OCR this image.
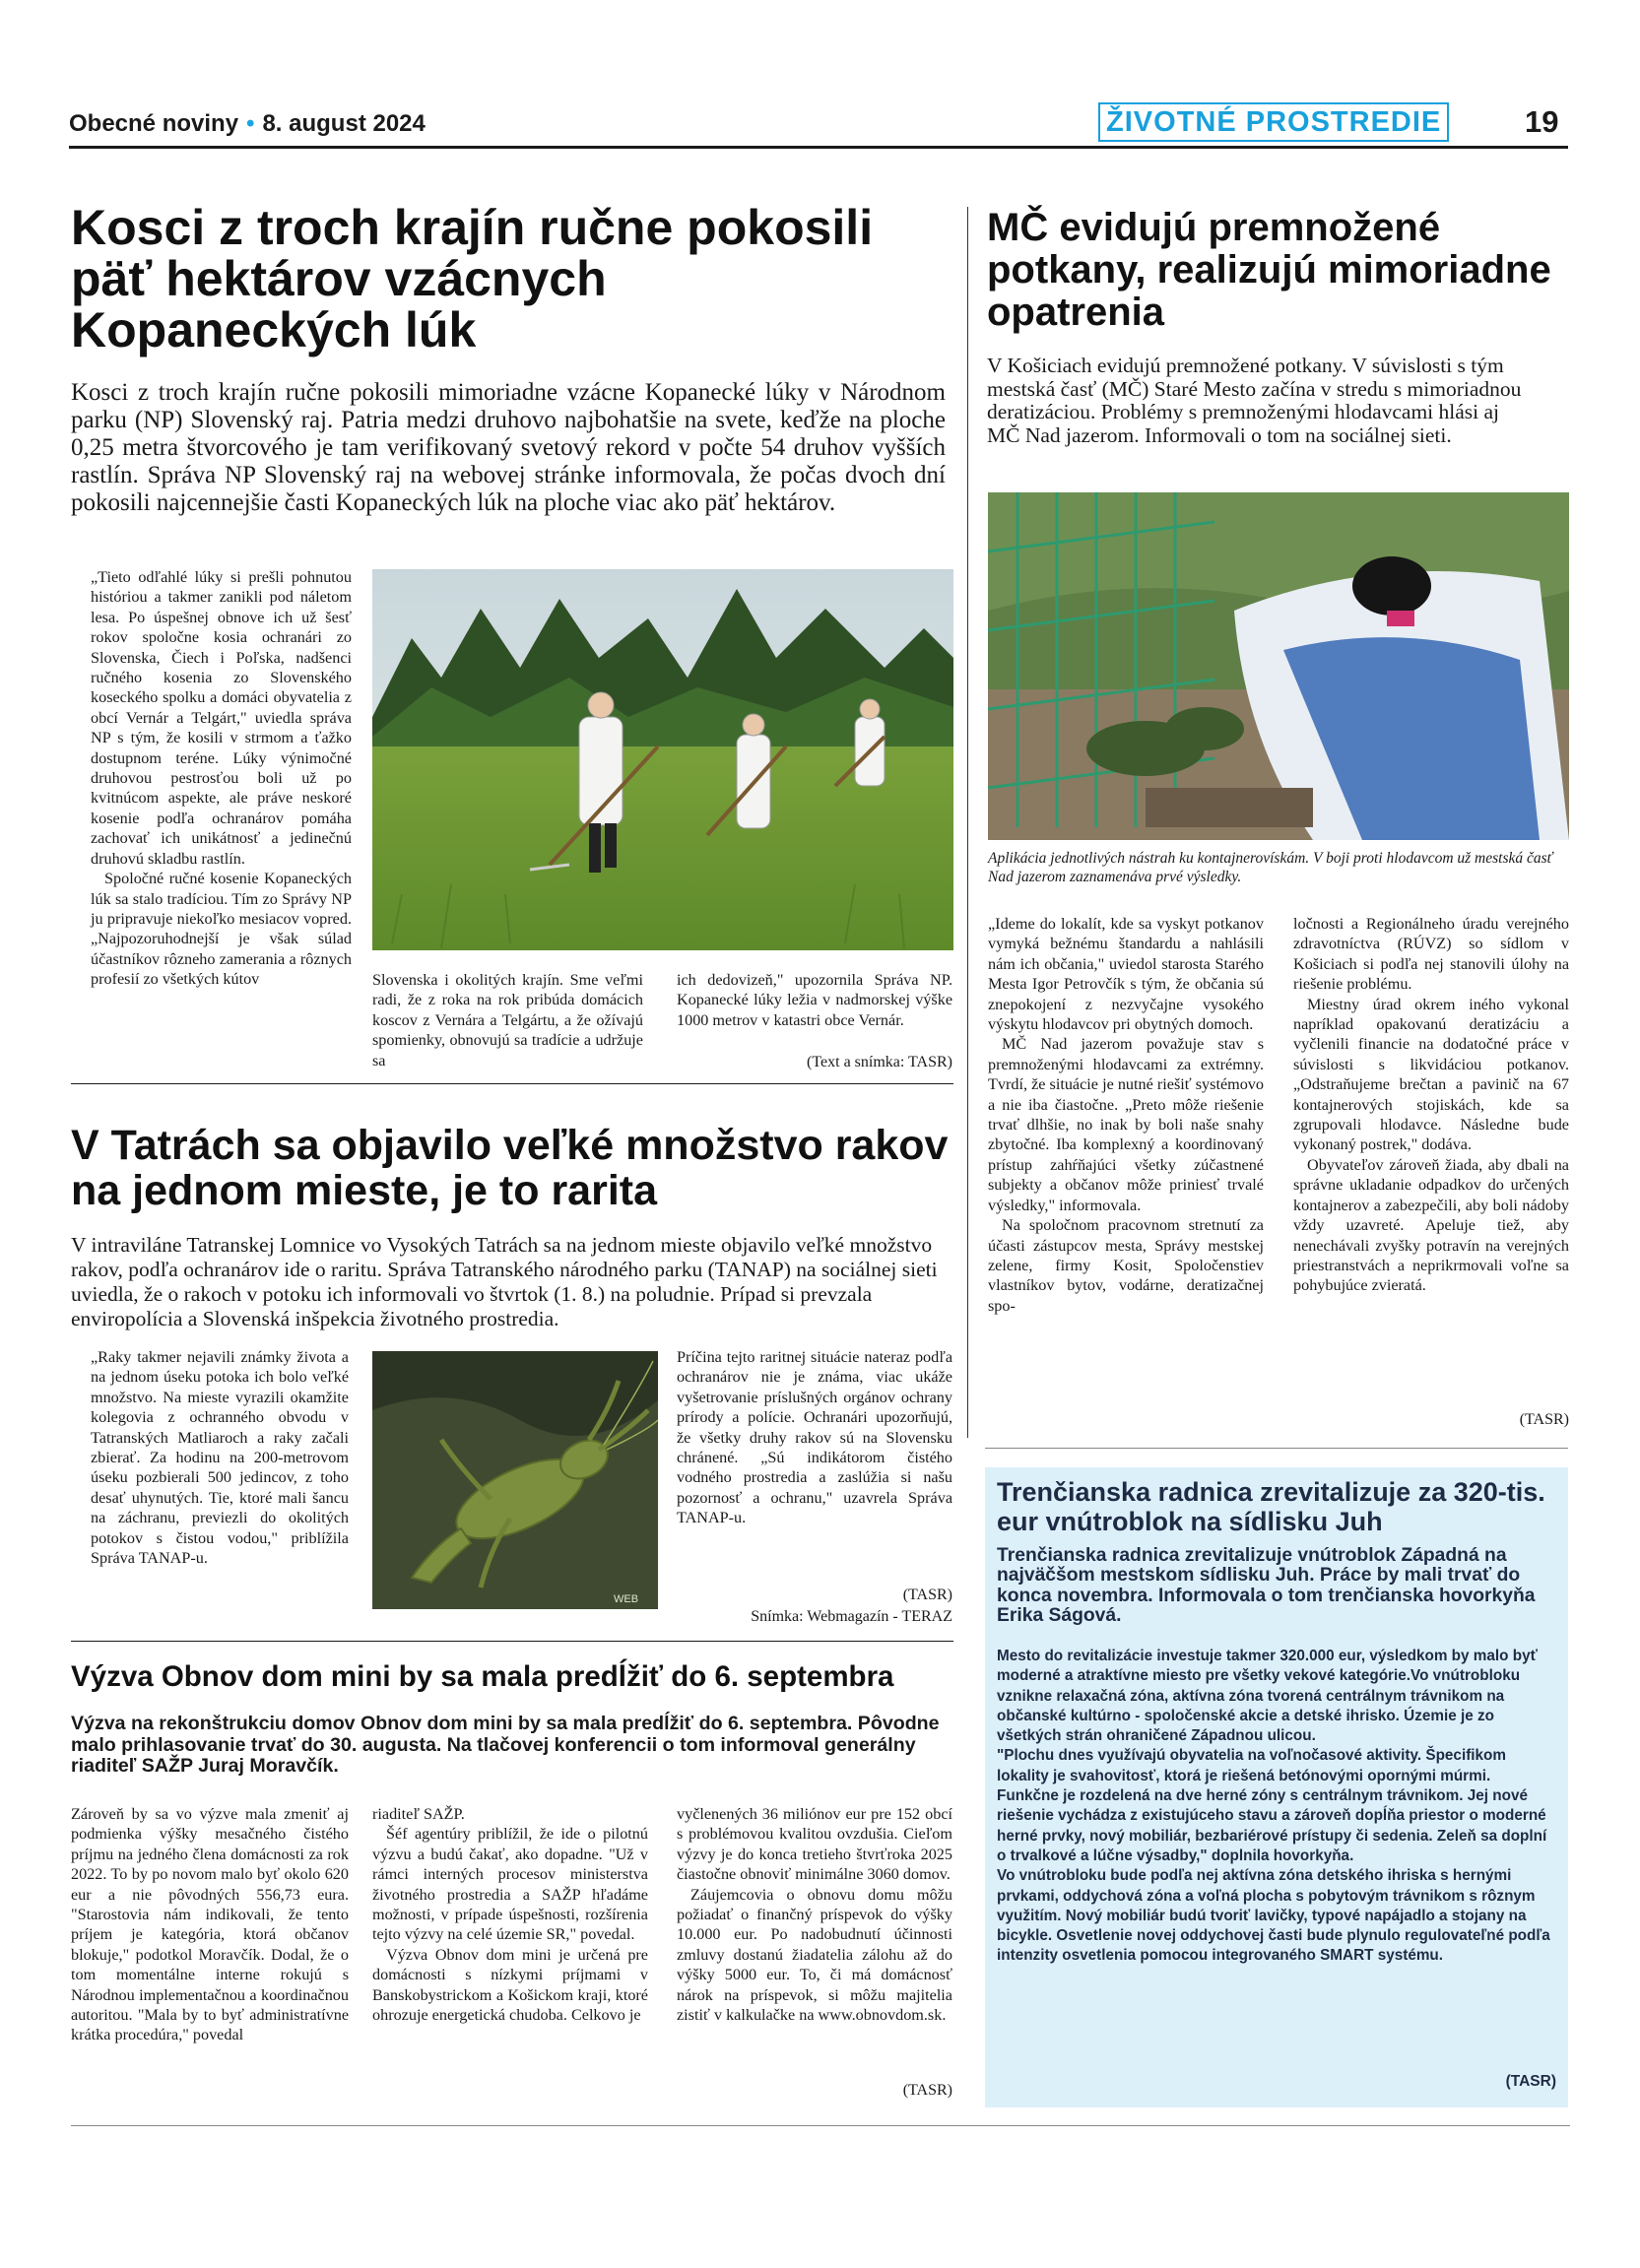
Obecné noviny • 8. august 2024	ŽIVOTNÉ PROSTREDIE	19
Kosci z troch krajín ručne pokosili päť hektárov vzácnych Kopaneckých lúk
Kosci z troch krajín ručne pokosili mimoriadne vzácne Kopanecké lúky v Národnom parku (NP) Slovenský raj. Patria medzi druhovo najbohatšie na svete, keďže na ploche 0,25 metra štvorcového je tam verifikovaný svetový rekord v počte 54 druhov vyšších rastlín. Správa NP Slovenský raj na webovej stránke informovala, že počas dvoch dní pokosili najcennejšie časti Kopaneckých lúk na ploche viac ako päť hektárov.

„Tieto odľahlé lúky si prešli pohnutou históriou a takmer zanikli pod náletom lesa. Po úspešnej obnove ich už šesť rokov spoločne kosia ochranári zo Slovenska, Čiech i Poľska, nadšenci ručného kosenia zo Slovenského koseckého spolku a domáci obyvatelia z obcí Vernár a Telgárt," uviedla správa NP s tým, že kosili v strmom a ťažko dostupnom teréne. Lúky výnimočné druhovou pestrosťou boli už po kvitnúcom aspekte, ale práve neskoré kosenie podľa ochranárov pomáha zachovať ich unikátnosť a jedinečnú druhovú skladbu rastlín.

Spoločné ručné kosenie Kopaneckých lúk sa stalo tradíciou. Tím zo Správy NP ju pripravuje niekoľko mesiacov vopred. „Najpozoruhodnejší je však súlad účastníkov rôzneho zamerania a rôznych profesií zo všetkých kútov	Slovenska i okolitých krajín. Sme veľmi radi, že z roka na rok pribúda domácich koscov z Vernára a Telgártu, a že ožívajú spomienky, obnovujú sa tradície a udržuje sa
ich dedovizeň," upozornila Správa NP. Kopanecké lúky ležia v nadmorskej výške 1000 metrov v katastri obce Vernár.
(Text a snímka: TASR)
MČ evidujú premnožené potkany, realizujú mimoriadne opatrenia
V Košiciach evidujú premnožené potkany. V súvislosti s tým mestská časť (MČ) Staré Mesto začína v stredu s mimoriadnou deratizáciou. Problémy s premnoženými hlodavcami hlási aj MČ Nad jazerom. Informovali o tom na sociálnej sieti.
Aplikácia jednotlivých nástrah ku kontajnerovískám. V boji proti hlodavcom už mestská časť Nad jazerom zaznamenáva prvé výsledky.

„Ideme do lokalít, kde sa vyskyt potkanov vymyká bežnému štandardu a nahlásili nám ich občania," uviedol starosta Starého Mesta Igor Petrovčík s tým, že občania sú znepokojení z nezvyčajne vysokého výskytu hlodavcov pri obytných domoch.

MČ Nad jazerom považuje stav s premnoženými hlodavcami za extrémny. Tvrdí, že situácie je nutné riešiť systémovo a nie iba čiastočne. „Preto môže riešenie trvať dlhšie, no inak by boli naše snahy zbytočné. Iba komplexný a koordinovaný prístup zahŕňajúci všetky zúčastnené subjekty a občanov môže priniesť trvalé výsledky," informovala.

Na spoločnom pracovnom stretnutí za účasti zástupcov mesta, Správy mestskej zelene, firmy Kosit, Spoločenstiev vlastníkov bytov, vodárne, deratizačnej spo-

ločnosti a Regionálneho úradu verejného zdravotníctva (RÚVZ) so sídlom v Košiciach si podľa nej stanovili úlohy na riešenie problému.

Miestny úrad okrem iného vykonal napríklad opakovanú deratizáciu a vyčlenili financie na dodatočné práce v súvislosti s likvidáciou potkanov. „Odstraňujeme brečtan a pavinič na 67 kontajnerových stojiskách, kde sa zgrupovali hlodavce. Následne bude vykonaný postrek," dodáva.

Obyvateľov zároveň žiada, aby dbali na správne ukladanie odpadkov do určených kontajnerov a zabezpečili, aby boli nádoby vždy uzavreté. Apeluje tiež, aby nenechávali zvyšky potravín na verejných priestranstvách a neprikrmovali voľne sa pohybujúce zvieratá.

(TASR)
V Tatrách sa objavilo veľké množstvo rakov na jednom mieste, je to rarita
V intraviláne Tatranskej Lomnice vo Vysokých Tatrách sa na jednom mieste objavilo veľké množstvo rakov, podľa ochranárov ide o raritu. Správa Tatranského národného parku (TANAP) na sociálnej sieti uviedla, že o rakoch v potoku ich informovali vo štvrtok (1. 8.) na poludnie. Prípad si prevzala enviropolícia a Slovenská inšpekcia životného prostredia.
„Raky takmer nejavili známky života a na jednom úseku potoka ich bolo veľké množstvo. Na mieste vyrazili okamžite kolegovia z ochranného obvodu v Tatranských Matliaroch a raky začali zbierať. Za hodinu na 200-metrovom úseku pozbierali 500 jedincov, z toho desať uhynutých. Tie, ktoré mali šancu na záchranu, previezli do okolitých potokov s čistou vodou," priblížila Správa TANAP-u.
WEB
Príčina tejto raritnej situácie nateraz podľa ochranárov nie je známa, viac ukáže vyšetrovanie príslušných orgánov ochrany prírody a polície. Ochranári upozorňujú, že všetky druhy rakov sú na Slovensku chránené. „Sú indikátorom čistého vodného prostredia a zaslúžia si našu pozornosť a ochranu," uzavrela Správa TANAP-u.
(TASR)
Snímka: Webmagazín - TERAZ
Výzva Obnov dom mini by sa mala predĺžiť do 6. septembra
Výzva na rekonštrukciu domov Obnov dom mini by sa mala predĺžiť do 6. septembra. Pôvodne malo prihlasovanie trvať do 30. augusta. Na tlačovej konferencii o tom informoval generálny riaditeľ SAŽP Juraj Moravčík.
Zároveň by sa vo výzve mala zmeniť aj podmienka výšky mesačného čistého príjmu na jedného člena domácnosti za rok 2022. To by po novom malo byť okolo 620 eur a nie pôvodných 556,73 eura. "Starostovia nám indikovali, že tento príjem je kategória, ktorá občanov blokuje," podotkol Moravčík. Dodal, že o tom momentálne interne rokujú s Národnou implementačnou a koordinačnou autoritou. "Mala by to byť administratívne krátka procedúra," povedal

riaditeľ SAŽP.

Šéf agentúry priblížil, že ide o pilotnú výzvu a budú čakať, ako dopadne. "Už v rámci interných procesov ministerstva životného prostredia a SAŽP hľadáme možnosti, v prípade úspešnosti, rozšírenia tejto výzvy na celé územie SR," povedal.

Výzva Obnov dom mini je určená pre domácnosti s nízkymi príjmami v Banskobystrickom a Košickom kraji, ktoré ohrozuje energetická chudoba. Celkovo je

vyčlenených 36 miliónov eur pre 152 obcí s problémovou kvalitou ovzdušia. Cieľom výzvy je do konca tretieho štvrťroka 2025 čiastočne obnoviť minimálne 3060 domov.

Záujemcovia o obnovu domu môžu požiadať o finančný príspevok do výšky 10.000 eur. Po nadobudnutí účinnosti zmluvy dostanú žiadatelia zálohu až do výšky 5000 eur. To, či má domácnosť nárok na príspevok, si môžu majitelia zistiť v kalkulačke na www.obnovdom.sk.

(TASR)
Trenčianska radnica zrevitalizuje za 320-tis. eur vnútroblok na sídlisku Juh
Trenčianska radnica zrevitalizuje vnútroblok Západná na najväčšom mestskom sídlisku Juh. Práce by mali trvať do konca novembra. Informovala o tom trenčianska hovorkyňa Erika Ságová.

Mesto do revitalizácie investuje takmer 320.000 eur, výsledkom by malo byť moderné a atraktívne miesto pre všetky vekové kategórie.Vo vnútrobloku vznikne relaxačná zóna, aktívna zóna tvorená centrálnym trávnikom na občanské kultúrno - spoločenské akcie a detské ihrisko. Územie je zo všetkých strán ohraničené Západnou ulicou.

"Plochu dnes využívajú obyvatelia na voľnočasové aktivity. Špecifikom lokality je svahovitosť, ktorá je riešená betónovými opornými múrmi. Funkčne je rozdelená na dve herné zóny s centrálnym trávnikom. Jej nové riešenie vychádza z existujúceho stavu a zároveň dopĺňa priestor o moderné herné prvky, nový mobiliár, bezbariérové prístupy či sedenia. Zeleň sa doplní o trvalkové a lúčne výsadby," doplnila hovorkyňa.

Vo vnútrobloku bude podľa nej aktívna zóna detského ihriska s hernými prvkami, oddychová zóna a voľná plocha s pobytovým trávnikom s rôznym využitím. Nový mobiliár budú tvoriť lavičky, typové napájadlo a stojany na bicykle. Osvetlenie novej oddychovej časti bude plynulo regulovateľné podľa intenzity osvetlenia pomocou integrovaného SMART systému.

(TASR)
